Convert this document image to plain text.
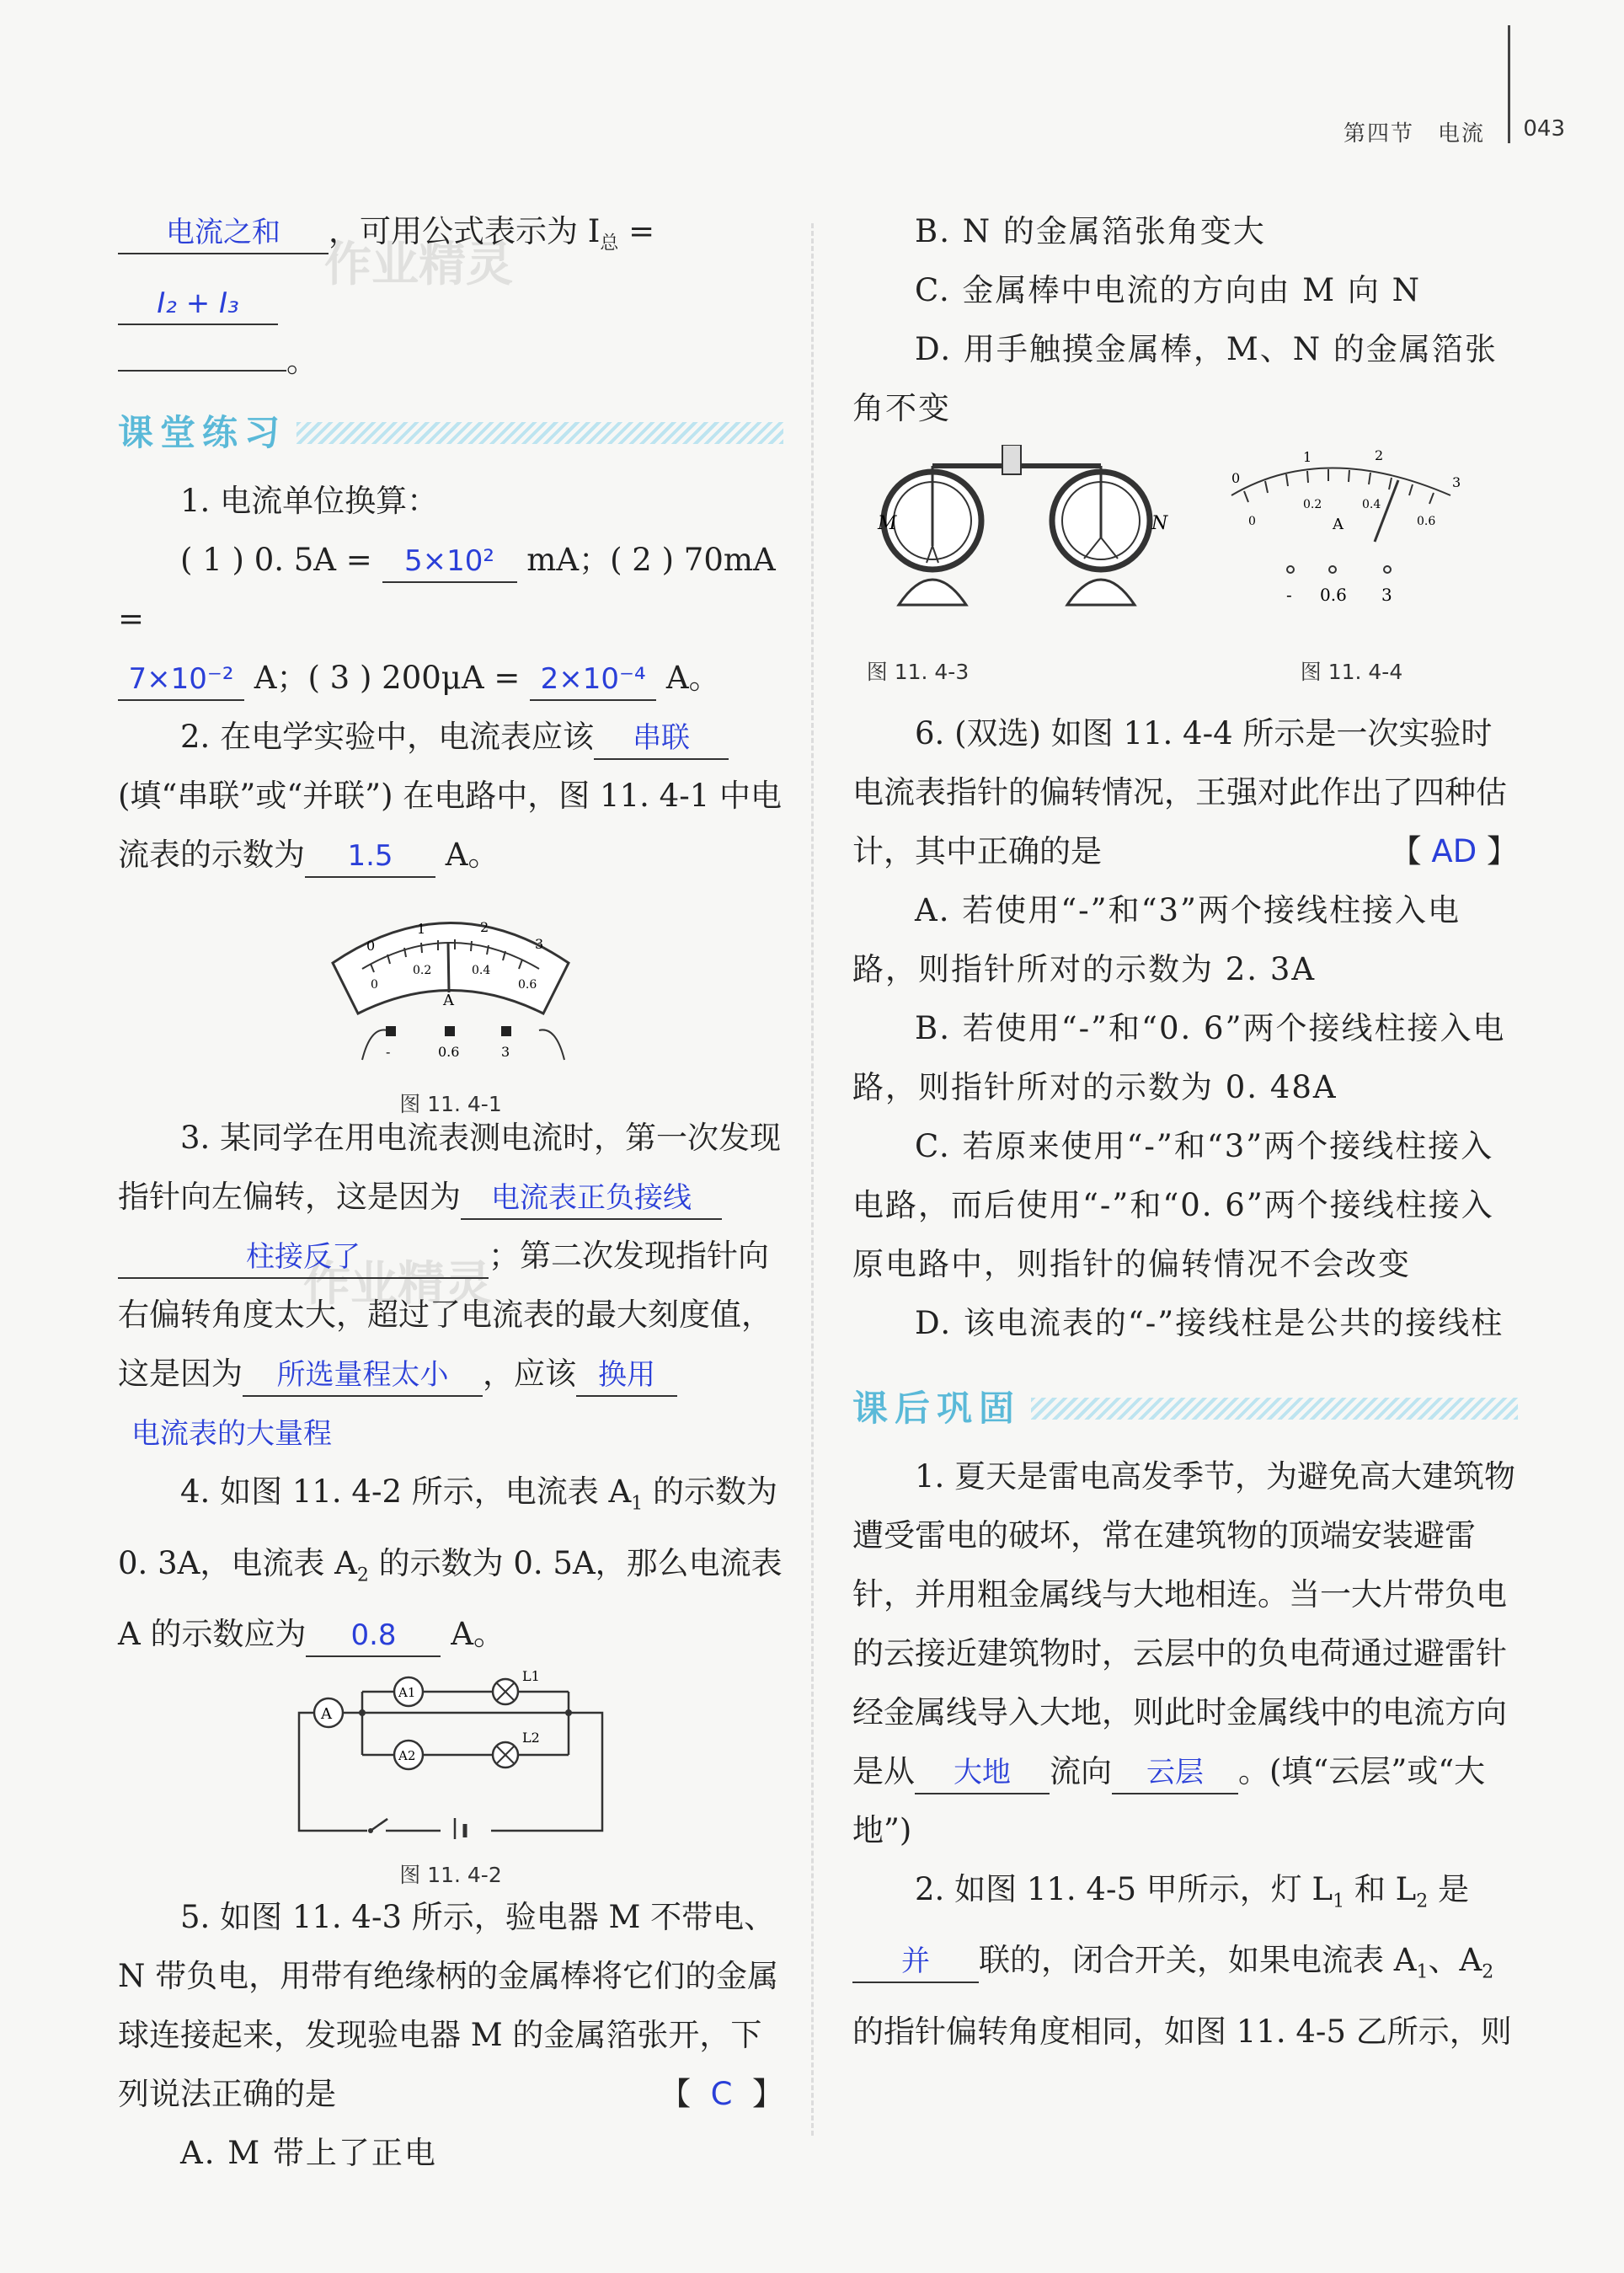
第四节　电流 043
作业精灵
作业精灵

电流之和 ，可用公式表示为 $I_总 = I_2 + I_3$

。

课堂练习

1. 电流单位换算：

( 1 ) 0. 5A = 5×10² mA；( 2 ) 70mA =

7×10⁻² A；( 3 ) 200μA = 2×10⁻⁴ A。

2. 在电学实验中，电流表应该 串联(填“串联”或“并联”) 在电路中，图 11. 4-1 中电流表的示数为 1.5 A。

0
1	2
3
0
0.2	0.4
0.6
A
-	0.6	3
图 11. 4-1

3. 某同学在用电流表测电流时，第一次发现指针向左偏转，这是因为 电流表正负接线柱接反了	；第二次发现指针向右偏转角度太大，超过了电流表的最大刻度值，这是因为 所选量程太小 ，应该 换用电流表的大量程

4. 如图 11. 4-2 所示，电流表 $A_1$ 的示数为 0. 3A，电流表 $A_2$ 的示数为 0. 5A，那么电流表 A 的示数应为 0.8 A。

A
A1
A2
L1
L2
图 11. 4-2

5. 如图 11. 4-3 所示，验电器 M 不带电、N 带负电，用带有绝缘柄的金属棒将它们的金属球连接起来，发现验电器 M 的金属箔张开，下列说法正确的是	【 C 】

A. M 带上了正电

B. N 的金属箔张角变大

C. 金属棒中电流的方向由 M 向 N

D. 用手触摸金属棒，M、N 的金属箔张角不变

M	N
0
1	2
3
0
0.2	0.4
0.6
A
- 0.6 3
图 11. 4-3	图 11. 4-4

6. (双选) 如图 11. 4-4 所示是一次实验时电流表指针的偏转情况，王强对此作出了四种估计，其中正确的是	【 AD 】

A. 若使用“-”和“3”两个接线柱接入电路，则指针所对的示数为 2. 3A

B. 若使用“-”和“0. 6”两个接线柱接入电路，则指针所对的示数为 0. 48A

C. 若原来使用“-”和“3”两个接线柱接入电路，而后使用“-”和“0. 6”两个接线柱接入原电路中，则指针的偏转情况不会改变

D. 该电流表的“-”接线柱是公共的接线柱

课后巩固

1. 夏天是雷电高发季节，为避免高大建筑物遭受雷电的破坏，常在建筑物的顶端安装避雷针，并用粗金属线与大地相连。当一大片带负电的云接近建筑物时，云层中的负电荷通过避雷针经金属线导入大地，则此时金属线中的电流方向是从 大地 流向 云层 。(填“云层”或“大地”)

2. 如图 11. 4-5 甲所示，灯 $L_1$ 和 $L_2$ 是并 联的，闭合开关，如果电流表 $A_1$、$A_2$ 的指针偏转角度相同，如图 11. 4-5 乙所示，则
